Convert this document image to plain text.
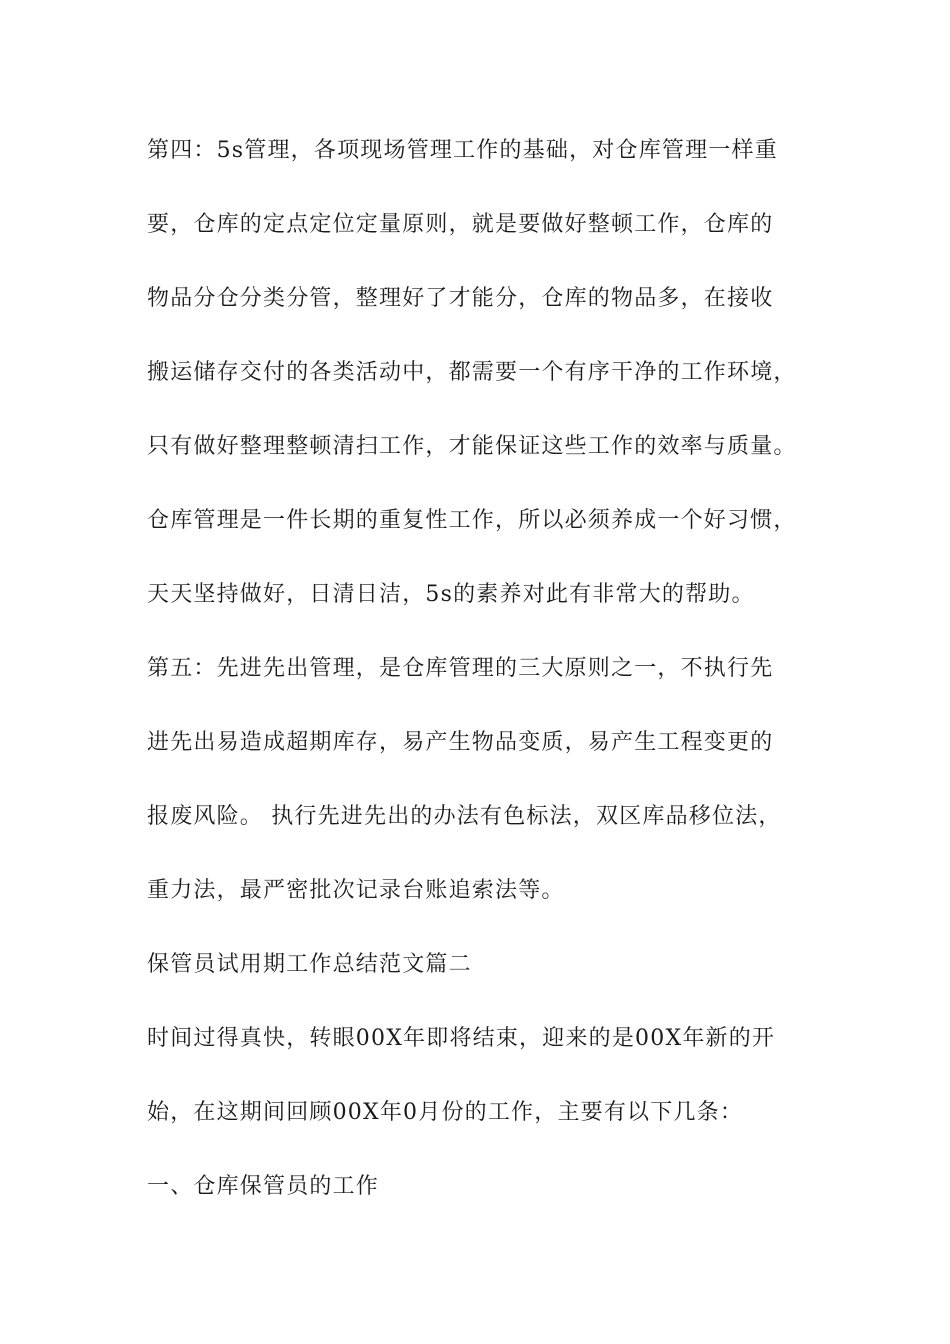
第四：5s管理，各项现场管理工作的基础，对仓库管理一样重
要，仓库的定点定位定量原则，就是要做好整顿工作，仓库的
物品分仓分类分管，整理好了才能分，仓库的物品多，在接收
搬运储存交付的各类活动中，都需要一个有序干净的工作环境，
只有做好整理整顿清扫工作，才能保证这些工作的效率与质量。
仓库管理是一件长期的重复性工作，所以必须养成一个好习惯，
天天坚持做好，日清日洁，5s的素养对此有非常大的帮助。
第五：先进先出管理，是仓库管理的三大原则之一，不执行先
进先出易造成超期库存，易产生物品变质，易产生工程变更的
报废风险。 执行先进先出的办法有色标法，双区库品移位法，
重力法，最严密批次记录台账追索法等。
保管员试用期工作总结范文篇二
时间过得真快，转眼00X年即将结束，迎来的是00X年新的开
始，在这期间回顾00X年0月份的工作，主要有以下几条：
一、仓库保管员的工作
